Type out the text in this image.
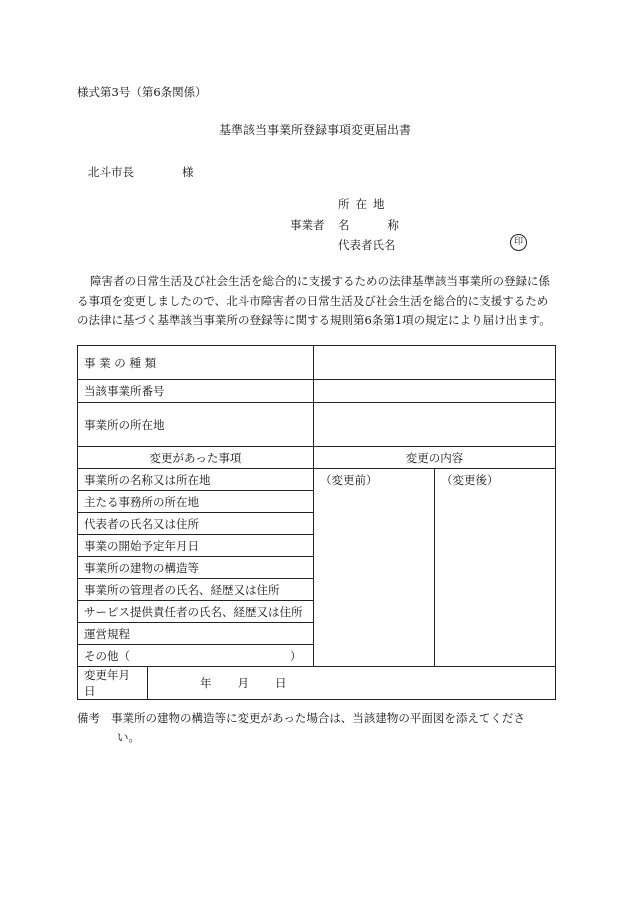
様式第3号（第6条関係）
基準該当事業所登録事項変更届出書
北斗市長	様
所在地
事業者 名	称
代表者氏名	印
障害者の日常生活及び社会生活を総合的に支援するための法律基準該当事業所の登録に係る事項を変更しましたので、北斗市障害者の日常生活及び社会生活を総合的に支援するための法律に基づく基準該当事業所の登録等に関する規則第6条第1項の規定により届け出ます。
事 業 の 種 類			
当該事業所番号			
事業所の所在地			
変更があった事項		変更の内容	
事業所の名称又は所在地		（変更前）	（変更後）
主たる事務所の所在地			
代表者の氏名又は住所			
事業の開始予定年月日			
事業所の建物の構造等			
事業所の管理者の氏名、経歴又は住所			
サービス提供責任者の氏名、経歴又は住所			
運営規程			
その他（ ）			
変更年月日	年 月 日		
備考 事業所の建物の構造等に変更があった場合は、当該建物の平面図を添えてくださ
い。
